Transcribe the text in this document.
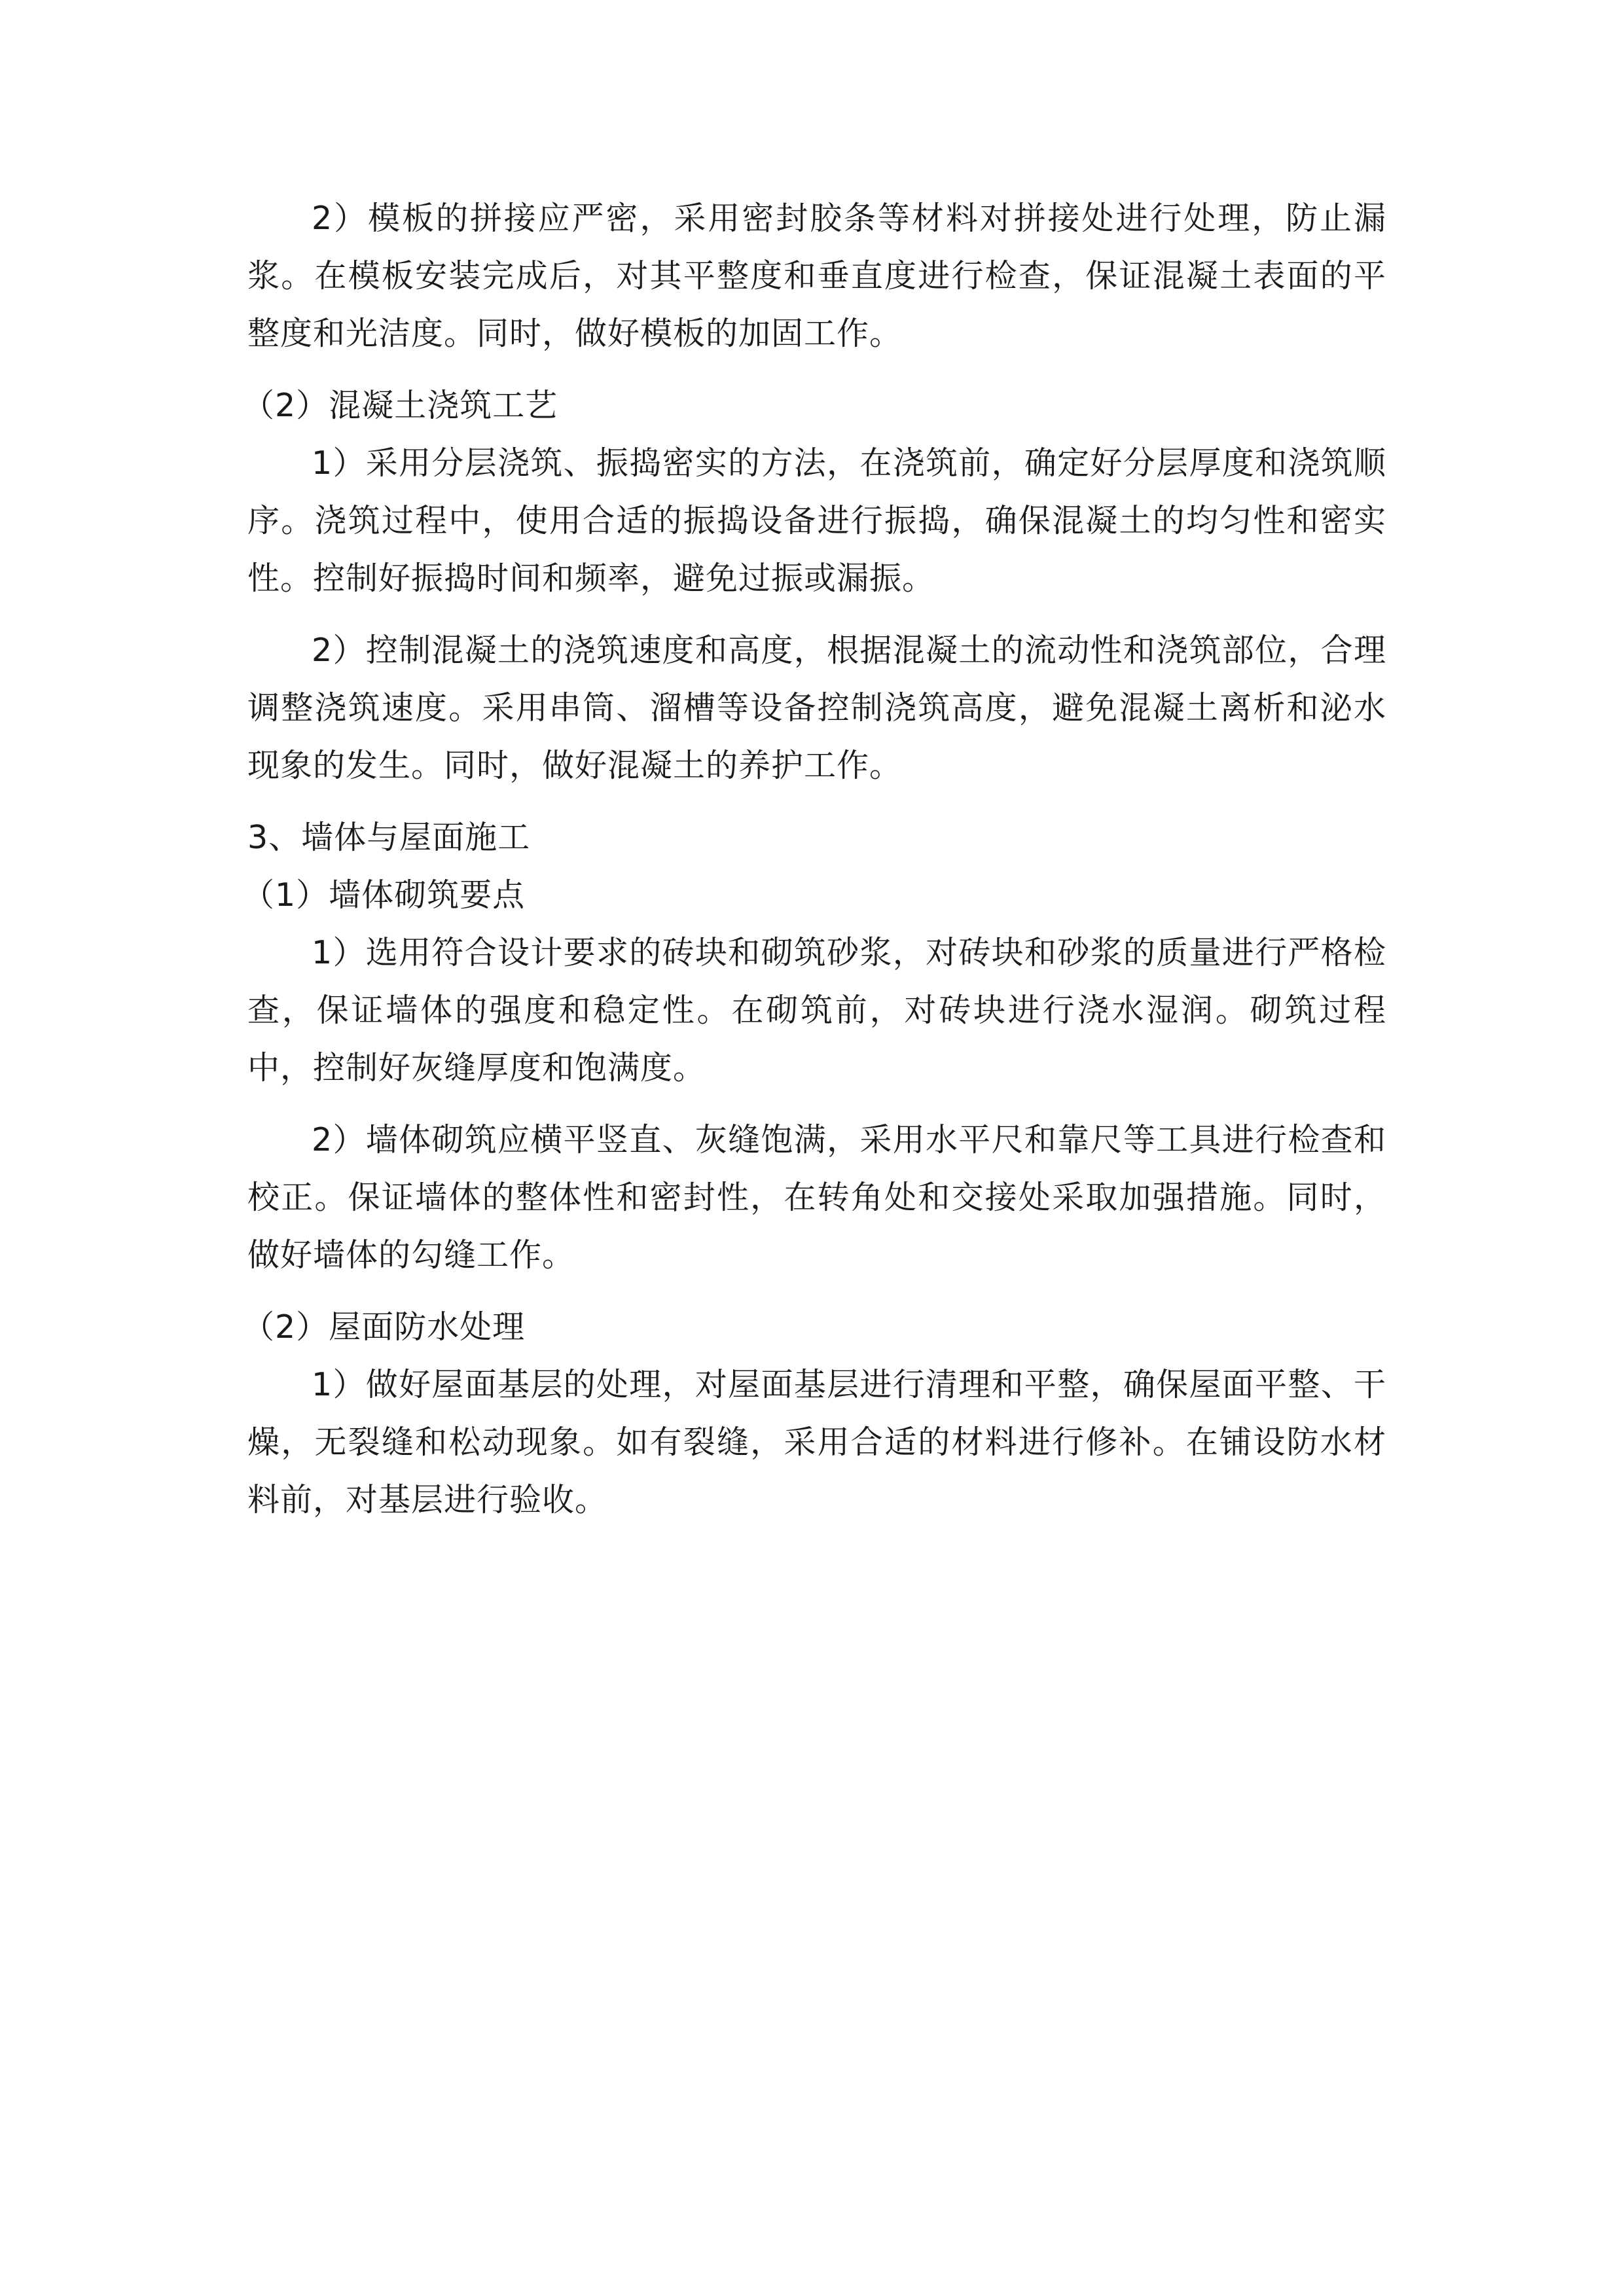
2）模板的拼接应严密，采用密封胶条等材料对拼接处进行处理，防止漏浆。在模板安装完成后，对其平整度和垂直度进行检查，保证混凝土表面的平整度和光洁度。同时，做好模板的加固工作。

（2）混凝土浇筑工艺

1）采用分层浇筑、振捣密实的方法，在浇筑前，确定好分层厚度和浇筑顺序。浇筑过程中，使用合适的振捣设备进行振捣，确保混凝土的均匀性和密实性。控制好振捣时间和频率，避免过振或漏振。

2）控制混凝土的浇筑速度和高度，根据混凝土的流动性和浇筑部位，合理调整浇筑速度。采用串筒、溜槽等设备控制浇筑高度，避免混凝土离析和泌水现象的发生。同时，做好混凝土的养护工作。

3、墙体与屋面施工

（1）墙体砌筑要点

1）选用符合设计要求的砖块和砌筑砂浆，对砖块和砂浆的质量进行严格检查，保证墙体的强度和稳定性。在砌筑前，对砖块进行浇水湿润。砌筑过程中，控制好灰缝厚度和饱满度。

2）墙体砌筑应横平竖直、灰缝饱满，采用水平尺和靠尺等工具进行检查和校正。保证墙体的整体性和密封性，在转角处和交接处采取加强措施。同时，做好墙体的勾缝工作。

（2）屋面防水处理

1）做好屋面基层的处理，对屋面基层进行清理和平整，确保屋面平整、干燥，无裂缝和松动现象。如有裂缝，采用合适的材料进行修补。在铺设防水材料前，对基层进行验收。
